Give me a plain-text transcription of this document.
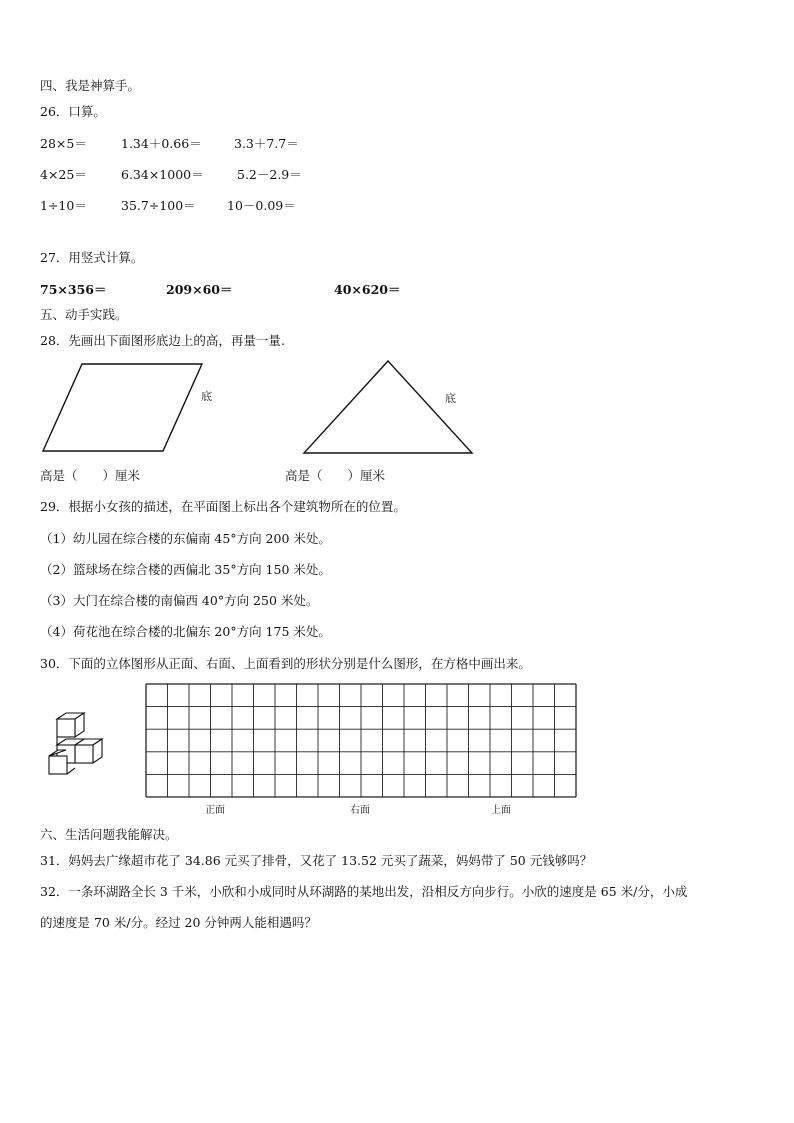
四、我是神算手。
26．口算。
28×5＝	1.34＋0.66＝	3.3＋7.7＝
4×25＝	6.34×1000＝	5.2－2.9＝
1÷10＝	35.7÷100＝	10－0.09＝
27．用竖式计算。
75×356＝	209×60＝	40×620＝
五、动手实践。
28．先画出下面图形底边上的高，再量一量.
底	底
高是（　　）厘米	高是（　　）厘米
29．根据小女孩的描述，在平面图上标出各个建筑物所在的位置。
（1）幼儿园在综合楼的东偏南 45°方向 200 米处。
（2）篮球场在综合楼的西偏北 35°方向 150 米处。
（3）大门在综合楼的南偏西 40°方向 250 米处。
（4）荷花池在综合楼的北偏东 20°方向 175 米处。
30．下面的立体图形从正面、右面、上面看到的形状分别是什么图形，在方格中画出来。
正面	右面	上面
六、生活问题我能解决。
31．妈妈去广缘超市花了 34.86 元买了排骨，又花了 13.52 元买了蔬菜，妈妈带了 50 元钱够吗？
32．一条环湖路全长 3 千米，小欣和小成同时从环湖路的某地出发，沿相反方向步行。小欣的速度是 65 米/分，小成
的速度是 70 米/分。经过 20 分钟两人能相遇吗？
